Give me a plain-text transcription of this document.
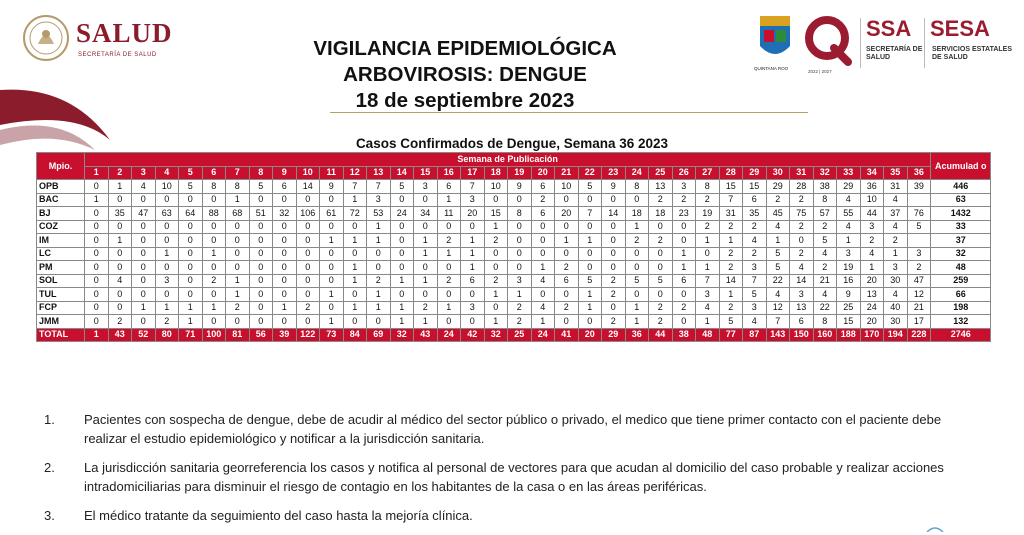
SALUD
SECRETARÍA DE SALUD	VIGILANCIA EPIDEMIOLÓGICA
ARBOVIROSIS: DENGUE
18 de septiembre 2023
QUINTANA ROO
2022 | 2027
SSA
SECRETARÍA DE SALUD
SESA
SERVICIOS ESTATALES DE SALUD
Casos Confirmados de Dengue, Semana 36 2023
Mpio.	Semana de Publicación																																				Acumulad o
	1	2	3	4	5	6	7	8	9	10	11	12	13	14	15	16	17	18	19	20	21	22	23	24	25	26	27	28	29	30	31	32	33	34	35	36	
OPB	0	1	4	10	5	8	8	5	6	14	9	7	7	5	3	6	7	10	9	6	10	5	9	8	13	3	8	15	15	29	28	38	29	36	31	39	446
BAC	1	0	0	0	0	0	1	0	0	0	0	1	3	0	0	1	3	0	0	2	0	0	0	0	2	2	2	7	6	2	2	8	4	10	4		63
BJ	0	35	47	63	64	88	68	51	32	106	61	72	53	24	34	11	20	15	8	6	20	7	14	18	18	23	19	31	35	45	75	57	55	44	37	76	1432
COZ	0	0	0	0	0	0	0	0	0	0	0	0	1	0	0	0	0	1	0	0	0	0	0	1	0	0	2	2	2	4	2	2	4	3	4	5	33
IM	0	1	0	0	0	0	0	0	0	0	1	1	1	0	1	2	1	2	0	0	1	1	0	2	2	0	1	1	4	1	0	5	1	2	2		37
LC	0	0	0	1	0	1	0	0	0	0	0	0	0	0	1	1	1	0	0	0	0	0	0	0	0	1	0	2	2	5	2	4	3	4	1	3	32
PM	0	0	0	0	0	0	0	0	0	0	0	1	0	0	0	0	1	0	0	1	2	0	0	0	0	1	1	2	3	5	4	2	19	1	3	2	48
SOL	0	4	0	3	0	2	1	0	0	0	0	1	2	1	1	2	6	2	3	4	6	5	2	5	5	6	7	14	7	22	14	21	16	20	30	47	259
TUL	0	0	0	0	0	0	1	0	0	0	1	0	1	0	0	0	0	1	1	0	0	1	2	0	0	0	3	1	5	4	3	4	9	13	4	12	66
FCP	0	0	1	1	1	1	2	0	1	2	0	1	1	1	2	1	3	0	2	4	2	1	0	1	2	2	4	2	3	12	13	22	25	24	40	21	198
JMM	0	2	0	2	1	0	0	0	0	0	1	0	0	1	1	0	0	1	2	1	0	0	2	1	2	0	1	5	4	7	6	8	15	20	30	17	132
TOTAL	1	43	52	80	71	100	81	56	39	122	73	84	69	32	43	24	42	32	25	24	41	20	29	36	44	38	48	77	87	143	150	160	188	170	194	228	2746
1. Pacientes con sospecha de dengue, debe de acudir al médico del sector público o privado, el medico que tiene primer contacto con el paciente debe realizar el estudio epidemiológico y notificar a la jurisdicción sanitaria.
2. La jurisdicción sanitaria georreferencia los casos y notifica al personal de vectores para que acudan al domicilio del caso probable y realizar acciones intradomiciliarias para disminuir el riesgo de contagio en los habitantes de la casa o en las áreas periféricas.
3. El médico tratante da seguimiento del caso hasta la mejoría clínica.
